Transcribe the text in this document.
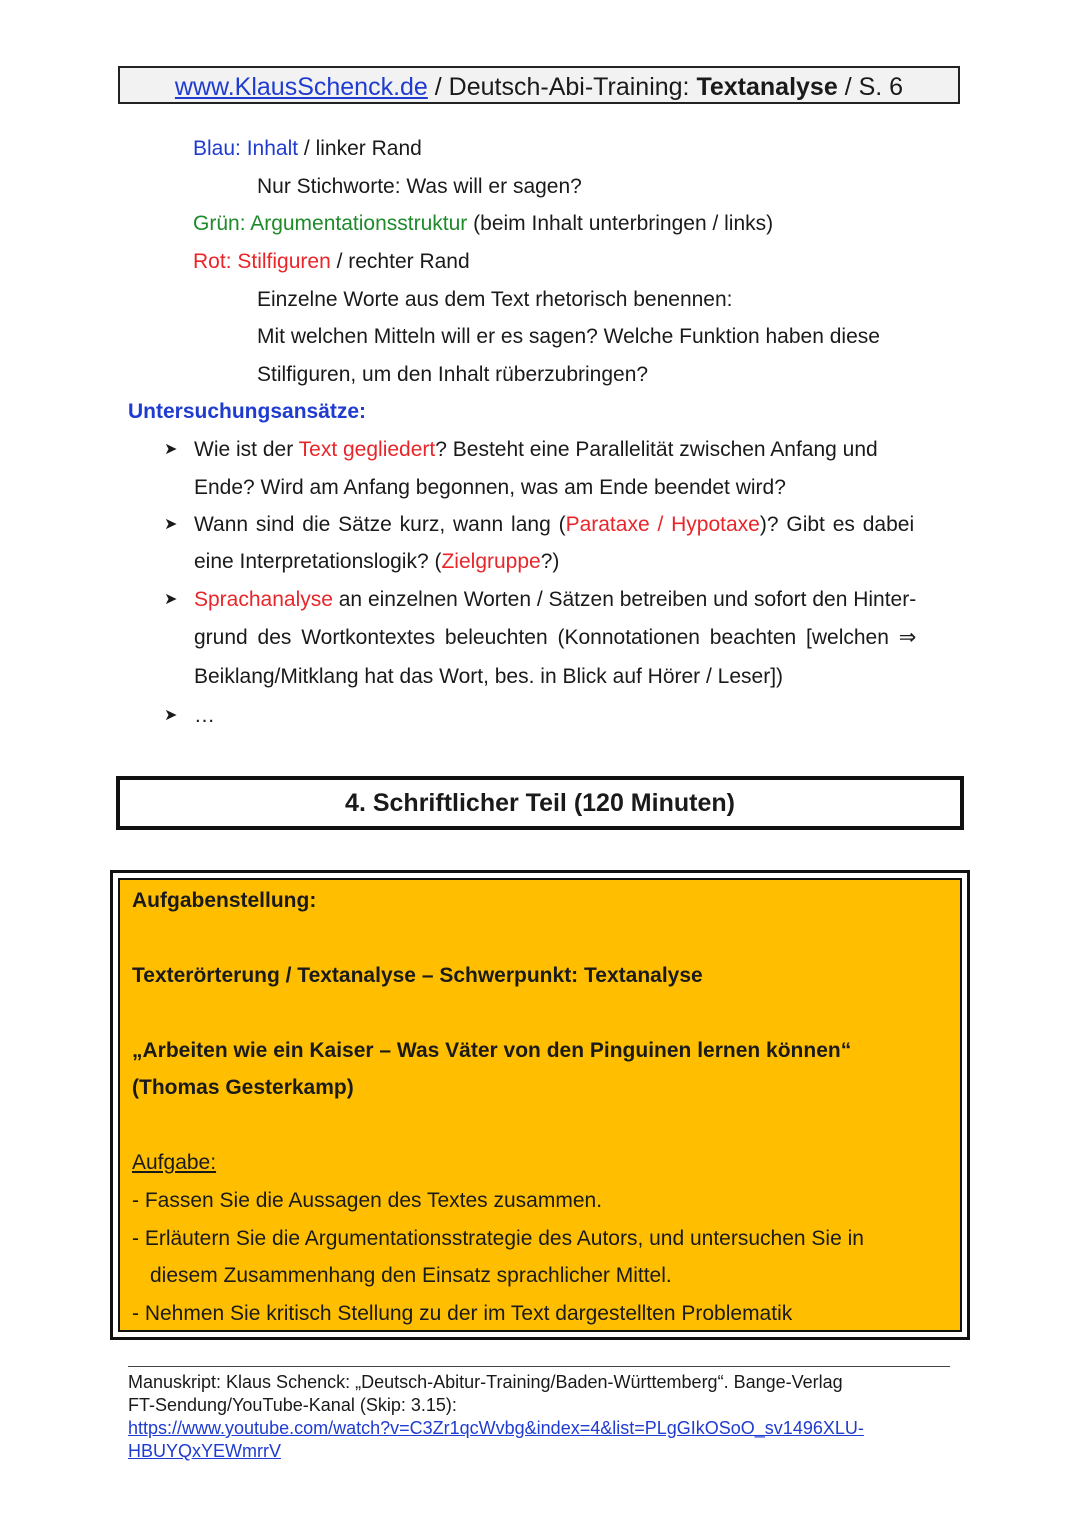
www.KlausSchenck.de / Deutsch-Abi-Training: Textanalyse / S. 6
Blau: Inhalt / linker Rand
Nur Stichworte: Was will er sagen?
Grün: Argumentationsstruktur (beim Inhalt unterbringen / links)
Rot: Stilfiguren / rechter Rand
Einzelne Worte aus dem Text rhetorisch benennen:
Mit welchen Mitteln will er es sagen? Welche Funktion haben diese
Stilfiguren, um den Inhalt rüberzubringen?
Untersuchungsansätze:
➤ Wie ist der Text gegliedert? Besteht eine Parallelität zwischen Anfang und
Ende? Wird am Anfang begonnen, was am Ende beendet wird?
➤ Wann sind die Sätze kurz, wann lang (Parataxe / Hypotaxe)? Gibt es dabei
eine Interpretationslogik? (Zielgruppe?)
➤ Sprachanalyse an einzelnen Worten / Sätzen betreiben und sofort den Hinter-
grund des Wortkontextes beleuchten (Konnotationen beachten [welchen ⇒
Beiklang/Mitklang hat das Wort, bes. in Blick auf Hörer / Leser])
➤ …
4. Schriftlicher Teil (120 Minuten)
Aufgabenstellung:
Texterörterung / Textanalyse – Schwerpunkt: Textanalyse
„Arbeiten wie ein Kaiser – Was Väter von den Pinguinen lernen können“
(Thomas Gesterkamp)
Aufgabe:
- Fassen Sie die Aussagen des Textes zusammen.
- Erläutern Sie die Argumentationsstrategie des Autors, und untersuchen Sie in
diesem Zusammenhang den Einsatz sprachlicher Mittel.
- Nehmen Sie kritisch Stellung zu der im Text dargestellten Problematik
Manuskript: Klaus Schenck: „Deutsch-Abitur-Training/Baden-Württemberg“. Bange-Verlag
FT-Sendung/YouTube-Kanal (Skip: 3.15):
https://www.youtube.com/watch?v=C3Zr1qcWvbg&index=4&list=PLgGIkOSoO_sv1496XLU-
HBUYQxYEWmrrV
